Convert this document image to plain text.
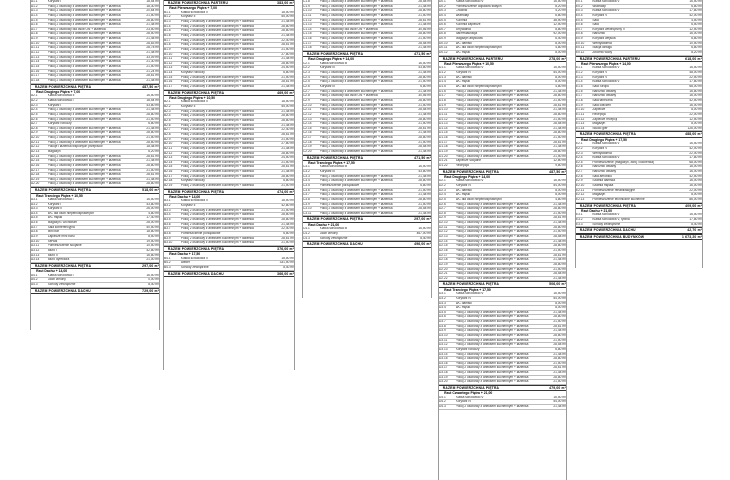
A1.1	Korytarz I	18,54 m²
A1.2	Pokój 2 osobowy z aneksem kuchennym + łazienka	18,30 m²
A1.3	Pokój 2 osobowy z aneksem kuchennym + łazienka	20,64 m²
A1.4	Pokój 2 osobowy z aneksem kuchennym + łazienka	21,50 m²
A1.5	Pokój 2 osobowy z aneksem kuchennym + łazienka	28,80 m²
A1.6	Pokój 2 osobowy z aneksem kuchennym + łazienka	21,48 m²
A1.7	Pokój 2 osobowy dla osób ON + łazienka	23,50 m²
A1.8	Pokój 2 osobowy z aneksem kuchennym + łazienka	28,50 m²
A1.9	Pokój 2 osobowy z aneksem kuchennym + łazienka	21,48 m²
A1.10	Pokój 2 osobowy z aneksem kuchennym + łazienka	28,83 m²
A1.11	Pokój 2 osobowy z aneksem kuchennym + łazienka	28,78 m²
A1.12	Pokój 2 osobowy z aneksem kuchennym + łazienka	21,48 m²
A1.13	Pokój 2 osobowy z aneksem kuchennym + łazienka	33,09 m²
A1.14	Pokój 2 osobowy z aneksem kuchennym + łazienka	21,30 m²
A1.15	Pokój 2 osobowy z aneksem kuchennym + łazienka	21,50 m²
A1.16	Pokój 2 osobowy z aneksem kuchennym + łazienka	21,24 m²
A1.17	Pokój 2 osobowy z aneksem kuchennym + łazienka	28,61 m²
A1.18	Pokój 2 osobowy z aneksem kuchennym + łazienka	21,48 m²
RAZEM POWIERZCHNIA PIĘTRA	487,50 m²
Rzut Drugiego Piętra + 7,00
A2.1	Klatka schodowa II	16,50 m²
A2.2	Klatka schodowa I	18,54 m²
A2.3	Korytarz I	43,80 m²
A2.4	Pokój 2 osobowy z aneksem kuchennym + łazienka	21,48 m²
A2.5	Pokój 2 osobowy z aneksem kuchennym + łazienka	28,80 m²
A2.6	Pokój 2 osobowy z aneksem kuchennym + łazienka	21,50 m²
A2.7	Korytarz roboczy	6,80 m²
A2.8	Pokój 2 osobowy z aneksem kuchennym + łazienka	21,48 m²
A2.9	Pokój 2 osobowy z aneksem kuchennym + łazienka	28,80 m²
A2.10	Pokój 2 osobowy z aneksem kuchennym + łazienka	21,50 m²
A2.11	Pokój 2 osobowy z aneksem kuchennym + łazienka	28,60 m²
A2.12	Pokoje i łazienka wspólnych przepisów	18,48 m²
A2.13	Magazyn	6,20 m²
A2.14	Pokój 2 osobowy z aneksem kuchennym + łazienka	28,61 m²
A2.15	Pokój 2 osobowy z aneksem kuchennym + łazienka	21,48 m²
A2.16	Pokój 2 osobowy z aneksem kuchennym + łazienka	28,80 m²
A2.17	Pokój 2 osobowy z aneksem kuchennym + łazienka	21,50 m²
A2.18	Pokój 2 osobowy z aneksem kuchennym + łazienka	28,61 m²
A2.19	Pokój 2 osobowy z aneksem kuchennym + łazienka	21,48 m²
A2.20	Pokój 2 osobowy z aneksem kuchennym + łazienka	28,80 m²
RAZEM POWIERZCHNIA PIĘTRA	518,00 m²
Rzut Trzeciego Piętra + 10,50
A3.1	Klatka schodowa I	16,50 m²
A3.2	Korytarz I	43,80 m²
A3.3	Korytarz II	26,00 m²
A3.4	WC dla osób niepełnosprawnych	4,80 m²
A3.5	WC męski	17,40 m²
A3.6	Magazyn / Archiwum	28,00 m²
A3.7	Sala konferencyjna	40,50 m²
A3.8	Mini bar	18,80 m²
A3.9	Zaplecze mini baru	8,50 m²
A3.10	Serwis	19,50 m²
A3.11	Pomieszczenie socjalne	10,50 m²
A3.12	Biuro I	42,80 m²
A3.13	Biuro II	16,80 m²
A3.14	Biuro dyrektora	21,00 m²
RAZEM POWIERZCHNIA PIĘTRA	297,00 m²
Rzut Dachu + 14,00
A4.1	Klatka schodowa I	16,50 m²
A4.2	Dach zielony	0,00 m²
A4.3	Schody zewnętrzne	8,40 m²
RAZEM POWIERZCHNIA DACHU	729,00 m²
RAZEM POWIERZCHNIA PARTERU	383,00 m²
Rzut Pierwszego Piętra + 7,00
B1.1	Klatka schodowa II	18,50 m²
B1.2	Korytarz II	55,00 m²
B1.3	Pokój 2 osobowy z aneksem kuchennym + łazienka	21,48 m²
B1.4	Pokój 2 osobowy z aneksem kuchennym + łazienka	28,80 m²
B1.5	Pokój 2 osobowy z aneksem kuchennym + łazienka	28,80 m²
B1.6	Pokój 2 osobowy z aneksem kuchennym + łazienka	21,48 m²
B1.7	Pokój 2 osobowy z aneksem kuchennym + łazienka	22,40 m²
B1.8	Pokój 2 osobowy z aneksem kuchennym + łazienka	28,61 m²
B1.9	Pokój 2 osobowy z aneksem kuchennym + łazienka	21,50 m²
B1.10	Pokój 2 osobowy z aneksem kuchennym + łazienka	27,80 m²
B1.11	Pokój 2 osobowy z aneksem kuchennym + łazienka	21,48 m²
B1.12	Pokój 2 osobowy z aneksem kuchennym + łazienka	28,80 m²
B1.13	Pokój 2 osobowy z aneksem kuchennym + łazienka	24,50 m²
B1.14	Korytarz roboczy	6,80 m²
B1.15	Pokój 2 osobowy z aneksem kuchennym + łazienka	21,50 m²
B1.16	Pokój 2 osobowy z aneksem kuchennym + łazienka	28,61 m²
B1.17	Pokój 2 osobowy z aneksem kuchennym + łazienka	21,48 m²
RAZEM POWIERZCHNIA PIĘTRA	469,00 m²
Rzut Drugiego Piętra + 10,50
B2.1	Klatka schodowa II	18,50 m²
B2.2	Korytarz II	55,00 m²
B2.3	Pokój 2 osobowy z aneksem kuchennym + łazienka	21,48 m²
B2.4	Pokój 2 osobowy z aneksem kuchennym + łazienka	28,80 m²
B2.5	Pokój 2 osobowy z aneksem kuchennym + łazienka	28,80 m²
B2.6	Pokój 2 osobowy z aneksem kuchennym + łazienka	21,48 m²
B2.7	Pokój 2 osobowy z aneksem kuchennym + łazienka	22,40 m²
B2.8	Pokój 2 osobowy z aneksem kuchennym + łazienka	28,61 m²
B2.9	Pokój 2 osobowy z aneksem kuchennym + łazienka	21,50 m²
B2.10	Pokój 2 osobowy z aneksem kuchennym + łazienka	27,80 m²
B2.11	Pokój 2 osobowy z aneksem kuchennym + łazienka	21,48 m²
B2.12	Pokój 2 osobowy z aneksem kuchennym + łazienka	28,80 m²
B2.13	Pokój 2 osobowy z aneksem kuchennym + łazienka	24,50 m²
B2.14	Pokój 2 osobowy z aneksem kuchennym + łazienka	21,50 m²
B2.15	Pokój 2 osobowy z aneksem kuchennym + łazienka	28,61 m²
B2.16	Pokój 2 osobowy z aneksem kuchennym + łazienka	21,48 m²
B2.17	Pokój 2 osobowy z aneksem kuchennym + łazienka	28,80 m²
B2.18	Korytarz roboczy	6,80 m²
B2.19	Pokój 2 osobowy z aneksem kuchennym + łazienka	21,50 m²
RAZEM POWIERZCHNIA PIĘTRA	474,00 m²
Rzut Dachu + 14,00
B3.1	Klatka schodowa II	18,50 m²
B3.2	Korytarz II	42,80 m²
B3.3	Pokój 2 osobowy z aneksem kuchennym + łazienka	21,50 m²
B3.4	Pokój 2 osobowy z aneksem kuchennym + łazienka	28,80 m²
B3.5	Pokój 2 osobowy z aneksem kuchennym + łazienka	28,80 m²
B3.6	Pokój 2 osobowy z aneksem kuchennym + łazienka	21,48 m²
B3.7	Pokój 2 osobowy z aneksem kuchennym + łazienka	22,40 m²
B3.8	Pomieszczenie porządkowe	6,80 m²
B3.9	Pokój 2 osobowy z aneksem kuchennym + łazienka	28,61 m²
B3.10	Pokój 2 osobowy z aneksem kuchennym + łazienka	21,50 m²
RAZEM POWIERZCHNIA PIĘTRA	376,00 m²
Rzut Dachu + 17,50
B4.1	Klatka schodowa II	18,50 m²
B4.2	Atelier	331,50 m²
B4.3	Schody zewnętrzne	8,40 m²
RAZEM POWIERZCHNIA DACHU	366,00 m²
C1.8	Pokój 2 osobowy z aneksem kuchennym + łazienka	28,58 m²
C1.9	Pokój 2 osobowy z aneksem kuchennym + łazienka	21,48 m²
C1.10	Pokój 2 osobowy z aneksem kuchennym + łazienka	28,80 m²
C1.11	Pokój 2 osobowy z aneksem kuchennym + łazienka	21,50 m²
C1.12	Pokój 2 osobowy z aneksem kuchennym + łazienka	28,61 m²
C1.13	Pokój 2 osobowy z aneksem kuchennym + łazienka	21,48 m²
C1.14	Pokój 2 osobowy dla osób ON + łazienka	30,56 m²
C1.15	Pokój 2 osobowy z aneksem kuchennym + łazienka	28,80 m²
C1.16	Pokój 2 osobowy z aneksem kuchennym + łazienka	21,50 m²
C1.17	Pokój 2 osobowy z aneksem kuchennym + łazienka	28,58 m²
C1.18	Pokój 2 osobowy z aneksem kuchennym + łazienka	21,48 m²
RAZEM POWIERZCHNIA PIĘTRA	471,50 m²
Rzut Drugiego Piętra + 14,00
C2.1	Klatka schodowa III	16,50 m²
C2.2	Korytarz III	43,80 m²
C2.3	Pokój 2 osobowy z aneksem kuchennym + łazienka	21,48 m²
C2.4	Pokój 2 osobowy z aneksem kuchennym + łazienka	28,80 m²
C2.5	Pokój 2 osobowy z aneksem kuchennym + łazienka	21,50 m²
C2.6	Korytarz III	6,80 m²
C2.7	Pokój 2 osobowy z aneksem kuchennym + łazienka	21,48 m²
C2.8	Pokój 2 osobowy dla osób ON + łazienka	30,56 m²
C2.9	Pokój 2 osobowy z aneksem kuchennym + łazienka	28,80 m²
C2.10	Pokój 2 osobowy z aneksem kuchennym + łazienka	21,50 m²
C2.11	Pokój 2 osobowy z aneksem kuchennym + łazienka	28,58 m²
C2.12	Pokój 2 osobowy z aneksem kuchennym + łazienka	21,48 m²
C2.13	Pokój 2 osobowy z aneksem kuchennym + łazienka	28,80 m²
C2.14	Pokój 2 osobowy z aneksem kuchennym + łazienka	21,50 m²
C2.15	Pokój 2 osobowy z aneksem kuchennym + łazienka	28,61 m²
C2.16	Pokój 2 osobowy z aneksem kuchennym + łazienka	21,48 m²
C2.17	Pokój 2 osobowy z aneksem kuchennym + łazienka	28,80 m²
C2.18	Pokój 2 osobowy z aneksem kuchennym + łazienka	21,50 m²
C2.19	Pokój 2 osobowy z aneksem kuchennym + łazienka	28,58 m²
C2.20	Pokój 2 osobowy z aneksem kuchennym + łazienka	21,48 m²
RAZEM POWIERZCHNIA PIĘTRA	471,50 m²
Rzut Trzeciego Piętra + 17,50
C3.1	Klatka schodowa III	16,50 m²
C3.2	Korytarz III	43,80 m²
C3.3	Pokój 2 osobowy z aneksem kuchennym + łazienka	21,48 m²
C3.4	Pokój 2 osobowy z aneksem kuchennym + łazienka	28,80 m²
C3.5	Pomieszczenie porządkowe	6,80 m²
C3.6	Pokój 2 osobowy z aneksem kuchennym + łazienka	21,50 m²
C3.7	Pokój 2 osobowy z aneksem kuchennym + łazienka	21,48 m²
C3.8	Pokój 2 osobowy z aneksem kuchennym + łazienka	28,80 m²
C3.9	Pokój 2 osobowy z aneksem kuchennym + łazienka	21,50 m²
C3.10	Pokój 2 osobowy z aneksem kuchennym + łazienka	28,58 m²
C3.11	Pokój 2 osobowy z aneksem kuchennym + łazienka	21,48 m²
RAZEM POWIERZCHNIA PIĘTRA	297,00 m²
Rzut Dachu + 21,00
C4.1	Klatka schodowa III	16,50 m²
C4.2	Dach zielony	467,00 m²
C4.3	Schody zewnętrzne	8,40 m²
RAZEM POWIERZCHNIA DACHU	496,00 m²
D0.1	Klatka schodowa IV	16,50 m²
D0.2	Pomieszczenie odpadów stałych	8,20 m²
D0.3	Chodnik	4,20 m²
D0.4	Wiatrołap	6,80 m²
D0.5	Kuchnia	38,50 m²
D0.6	Kuchnia zaplecze	12,50 m²
D0.7	Zmywalnia	8,80 m²
D0.8	Bar/restauracja	92,00 m²
D0.9	Magazyn artykułów	6,40 m²
D0.10	WC damski	8,00 m²
D0.11	WC dla osób niepełnosprawnych	4,80 m²
D0.12	WC męski	8,00 m²
RAZEM POWIERZCHNIA PARTERU	278,00 m²
Rzut Pierwszego Piętra + 10,50
D1.1	Klatka schodowa IV	16,50 m²
D1.2	Korytarz IV	54,00 m²
D1.3	WC damski	8,00 m²
D1.4	WC męski	8,00 m²
D1.5	WC dla osób niepełnosprawnych	4,80 m²
D1.6	Pokój 2 osobowy z aneksem kuchennym + łazienka	21,48 m²
D1.7	Pokój 2 osobowy z aneksem kuchennym + łazienka	28,80 m²
D1.8	Pokój 2 osobowy z aneksem kuchennym + łazienka	21,50 m²
D1.9	Pokój 2 osobowy z aneksem kuchennym + łazienka	28,61 m²
D1.10	Pokój 2 osobowy z aneksem kuchennym + łazienka	21,48 m²
D1.11	Pokój 2 osobowy z aneksem kuchennym + łazienka	28,80 m²
D1.12	Pokój 2 osobowy z aneksem kuchennym + łazienka	21,50 m²
D1.13	Pokój 2 osobowy z aneksem kuchennym + łazienka	28,58 m²
D1.14	Pokój 2 osobowy z aneksem kuchennym + łazienka	21,48 m²
D1.15	Pokój 2 osobowy z aneksem kuchennym + łazienka	28,80 m²
D1.16	Pokój 2 osobowy z aneksem kuchennym + łazienka	21,50 m²
D1.17	Pokój 2 osobowy z aneksem kuchennym + łazienka	28,61 m²
D1.18	Pokój 2 osobowy z aneksem kuchennym + łazienka	21,48 m²
D1.19	Pokój 2 osobowy z aneksem kuchennym + łazienka	28,80 m²
D1.20	Pokój 2 osobowy z aneksem kuchennym + łazienka	21,50 m²
D1.21	Zaplecze socjalne	12,80 m²
D1.22	Recepcja	9,80 m²
RAZEM POWIERZCHNIA PIĘTRA	487,50 m²
Rzut Drugiego Piętra + 14,00
D2.1	Klatka schodowa IV	16,50 m²
D2.2	Korytarz IV	54,00 m²
D2.3	WC damski	8,00 m²
D2.4	WC męski	8,00 m²
D2.5	WC dla osób niepełnosprawnych	4,80 m²
D2.6	Pokój 2 osobowy z aneksem kuchennym + łazienka	21,48 m²
D2.7	Pokój 2 osobowy z aneksem kuchennym + łazienka	28,80 m²
D2.8	Pokój 2 osobowy z aneksem kuchennym + łazienka	21,50 m²
D2.9	Pokój 2 osobowy z aneksem kuchennym + łazienka	28,61 m²
D2.10	Pokój 2 osobowy z aneksem kuchennym + łazienka	21,48 m²
D2.11	Pokój 2 osobowy z aneksem kuchennym + łazienka	28,80 m²
D2.12	Pokój 2 osobowy z aneksem kuchennym + łazienka	21,50 m²
D2.13	Pokój 2 osobowy z aneksem kuchennym + łazienka	28,58 m²
D2.14	Pokój 2 osobowy z aneksem kuchennym + łazienka	21,48 m²
D2.15	Pokój 2 osobowy z aneksem kuchennym + łazienka	28,80 m²
D2.16	Pokój 2 osobowy z aneksem kuchennym + łazienka	21,50 m²
D2.17	Pokój 2 osobowy z aneksem kuchennym + łazienka	28,61 m²
D2.18	Pokój 2 osobowy z aneksem kuchennym + łazienka	21,48 m²
D2.19	Pokój 2 osobowy z aneksem kuchennym + łazienka	28,80 m²
D2.20	Pokój 2 osobowy z aneksem kuchennym + łazienka	21,50 m²
D2.21	Pokój 2 osobowy z aneksem kuchennym + łazienka	28,58 m²
D2.22	Pokój 2 osobowy z aneksem kuchennym + łazienka	21,48 m²
RAZEM POWIERZCHNIA PIĘTRA	506,00 m²
Rzut Trzeciego Piętra + 17,50
D3.1	Klatka schodowa IV	16,50 m²
D3.2	Korytarz IV	54,00 m²
D3.3	WC damski	8,00 m²
D3.4	WC męski	8,00 m²
D3.5	Pokój 2 osobowy z aneksem kuchennym + łazienka	21,48 m²
D3.6	Pokój 2 osobowy z aneksem kuchennym + łazienka	28,80 m²
D3.7	Pokój 2 osobowy z aneksem kuchennym + łazienka	21,50 m²
D3.8	Pokój 2 osobowy z aneksem kuchennym + łazienka	28,61 m²
D3.9	Pokój 2 osobowy z aneksem kuchennym + łazienka	21,48 m²
D3.10	Pokój 2 osobowy z aneksem kuchennym + łazienka	28,80 m²
D3.11	Pokój 2 osobowy z aneksem kuchennym + łazienka	21,50 m²
D3.12	Pokój 2 osobowy z aneksem kuchennym + łazienka	28,58 m²
D3.13	Korytarz roboczy	6,80 m²
D3.14	Pokój 2 osobowy z aneksem kuchennym + łazienka	21,48 m²
D3.15	Pokój 2 osobowy z aneksem kuchennym + łazienka	28,80 m²
D3.16	Pokój 2 osobowy z aneksem kuchennym + łazienka	21,50 m²
D3.17	Pokój 2 osobowy z aneksem kuchennym + łazienka	28,61 m²
D3.18	Pokój 2 osobowy z aneksem kuchennym + łazienka	21,48 m²
D3.19	Pokój 2 osobowy z aneksem kuchennym + łazienka	28,80 m²
D3.20	Pokój 2 osobowy z aneksem kuchennym + łazienka	21,50 m²
RAZEM POWIERZCHNIA PIĘTRA	479,00 m²
Rzut Czwartego Piętra + 21,00
D4.1	Klatka schodowa IV	16,50 m²
D4.2	Korytarz IV	54,00 m²
D4.3	Pokój 2 osobowy z aneksem kuchennym + łazienka	21,48 m²
E0.1	Klatka schodowa V	16,50 m²
E0.2	Wiatrołap	6,80 m²
E0.3	Klatka schodowa V	17,80 m²
E0.4	Korytarz V	42,00 m²
E0.5	Sala	4,50 m²
E0.6	Sala	6,50 m²
E0.7	Korytarz wewnętrzny V	12,50 m²
E0.8	Narożnik	16,00 m²
E0.9	Korytarz wejścia	6,80 m²
E0.10	Wentylatornia	10,50 m²
E0.11	Stacja dźwigu	6,80 m²
E0.12	Zbiornik wody	8,20 m²
RAZEM POWIERZCHNIA PARTERU	618,00 m²
Rzut Pierwszego Piętra + 14,00
E1.1	Klatka schodowa V	16,50 m²
E1.2	Korytarz V	48,00 m²
E1.3	Korytarz V	22,50 m²
E1.4	Klatka schodowa V	17,80 m²
E1.5	Sala Stropu	68,00 m²
E1.6	Narożnik otwarty	16,80 m²
E1.7	Narożnik otwarty	16,00 m²
E1.8	Sala taneczna	42,50 m²
E1.9	Sala ćwiczeń	16,00 m²
E1.10	Zaplecze	8,00 m²
E1.11	Recepcja	22,00 m²
E1.12	Zaplecze recepcji	12,50 m²
E1.13	Magazyn	8,00 m²
E1.14	Studio gier	126,00 m²
RAZEM POWIERZCHNIA PIĘTRA	488,00 m²
Rzut Drugiego Piętra + 17,50
E2.1	Klatka schodowa V	16,50 m²
E2.2	Korytarz V	42,00 m²
E2.3	Wentylatornia	22,00 m²
E2.4	Klatka schodowa V	17,80 m²
E2.5	Pomieszczenie (magazyn, zwój i kuchenka)	68,00 m²
E2.6	Narożnik otwarty	16,00 m²
E2.7	Narożnik otwarty	16,00 m²
E2.8	Sala aerobiku	42,50 m²
E2.9	Szatnia damska	16,00 m²
E2.10	Szatnia męska	16,00 m²
E2.11	Pomieszczenie rehabilitacyjne	22,00 m²
E2.12	Magazyn	8,00 m²
E2.13	Pomieszczenie techniczne kuchenne	86,00 m²
RAZEM POWIERZCHNIA PIĘTRA	409,00 m²
Rzut Dachu + 21,00
E3.1	Klatka schodowa V	16,50 m²
E3.2	Klatka schodowa V, rybina	17,80 m²
E3.3	Schody zewnętrzne	8,40 m²
RAZEM POWIERZCHNIA DACHU	42,70 m²
RAZEM POWIERZCHNIA BUDYNKÓW	1 673,20 m²
